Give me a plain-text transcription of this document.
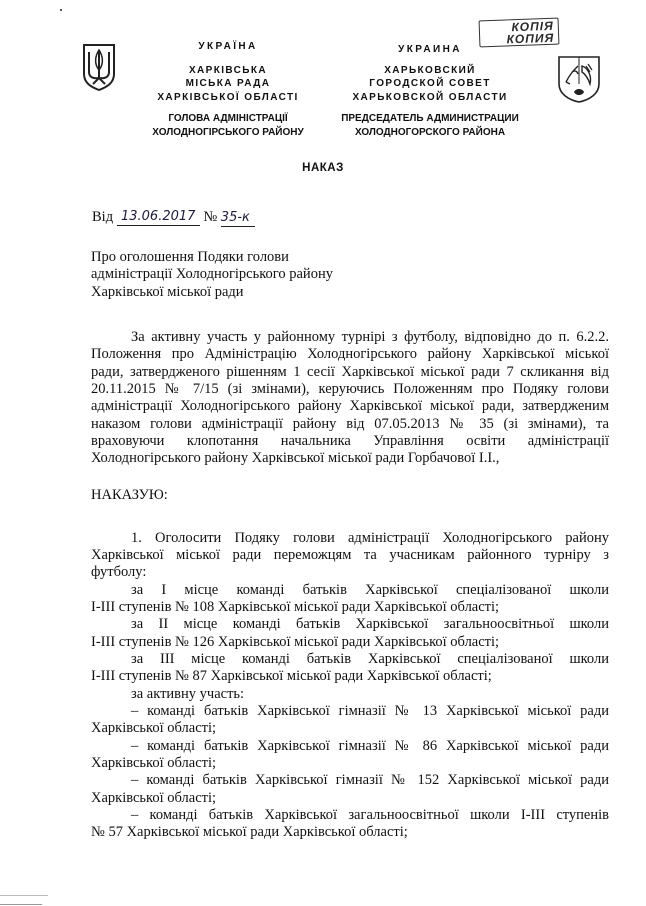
КОПІЯ
КОПИЯ
УКРАЇНА
ХАРКІВСЬКА
МІСЬКА РАДА
ХАРКІВСЬКОЇ ОБЛАСТІ
ГОЛОВА АДМІНІСТРАЦІЇ
ХОЛОДНОГІРСЬКОГО РАЙОНУ
УКРАИНА
ХАРЬКОВСКИЙ
ГОРОДСКОЙ СОВЕТ
ХАРЬКОВСКОЙ ОБЛАСТИ
ПРЕДСЕДАТЕЛЬ АДМИНИСТРАЦИИ
ХОЛОДНОГОРСКОГО РАЙОНА
НАКАЗ
Від 13.06.2017 № 35-к
Про оголошення Подяки голови
адміністрації Холодногірського району
Харківської міської ради
За активну участь у районному турнірі з футболу, відповідно до п. 6.2.2.
Положення про Адміністрацію Холодногірського району Харківської міської
ради, затвердженого рішенням 1 сесії Харківської міської ради 7 скликання від
20.11.2015 № 7/15 (зі змінами), керуючись Положенням про Подяку голови
адміністрації Холодногірського району Харківської міської ради, затвердженим
наказом голови адміністрації району від 07.05.2013 № 35 (зі змінами), та
враховуючи клопотання начальника Управління освіти адміністрації
Холодногірського району Харківської міської ради Горбачової І.І.,
НАКАЗУЮ:
1. Оголосити Подяку голови адміністрації Холодногірського району
Харківської міської ради переможцям та учасникам районного турніру з
футболу:
за І місце команді батьків Харківської спеціалізованої школи
І-ІІІ ступенів № 108 Харківської міської ради Харківської області;
за ІІ місце команді батьків Харківської загальноосвітньої школи
І-ІІІ ступенів № 126 Харківської міської ради Харківської області;
за ІІІ місце команді батьків Харківської спеціалізованої школи
І-ІІІ ступенів № 87 Харківської міської ради Харківської області;
за активну участь:
– команді батьків Харківської гімназії № 13 Харківської міської ради
Харківської області;
– команді батьків Харківської гімназії № 86 Харківської міської ради
Харківської області;
– команді батьків Харківської гімназії № 152 Харківської міської ради
Харківської області;
– команді батьків Харківської загальноосвітньої школи І-ІІІ ступенів
№ 57 Харківської міської ради Харківської області;
